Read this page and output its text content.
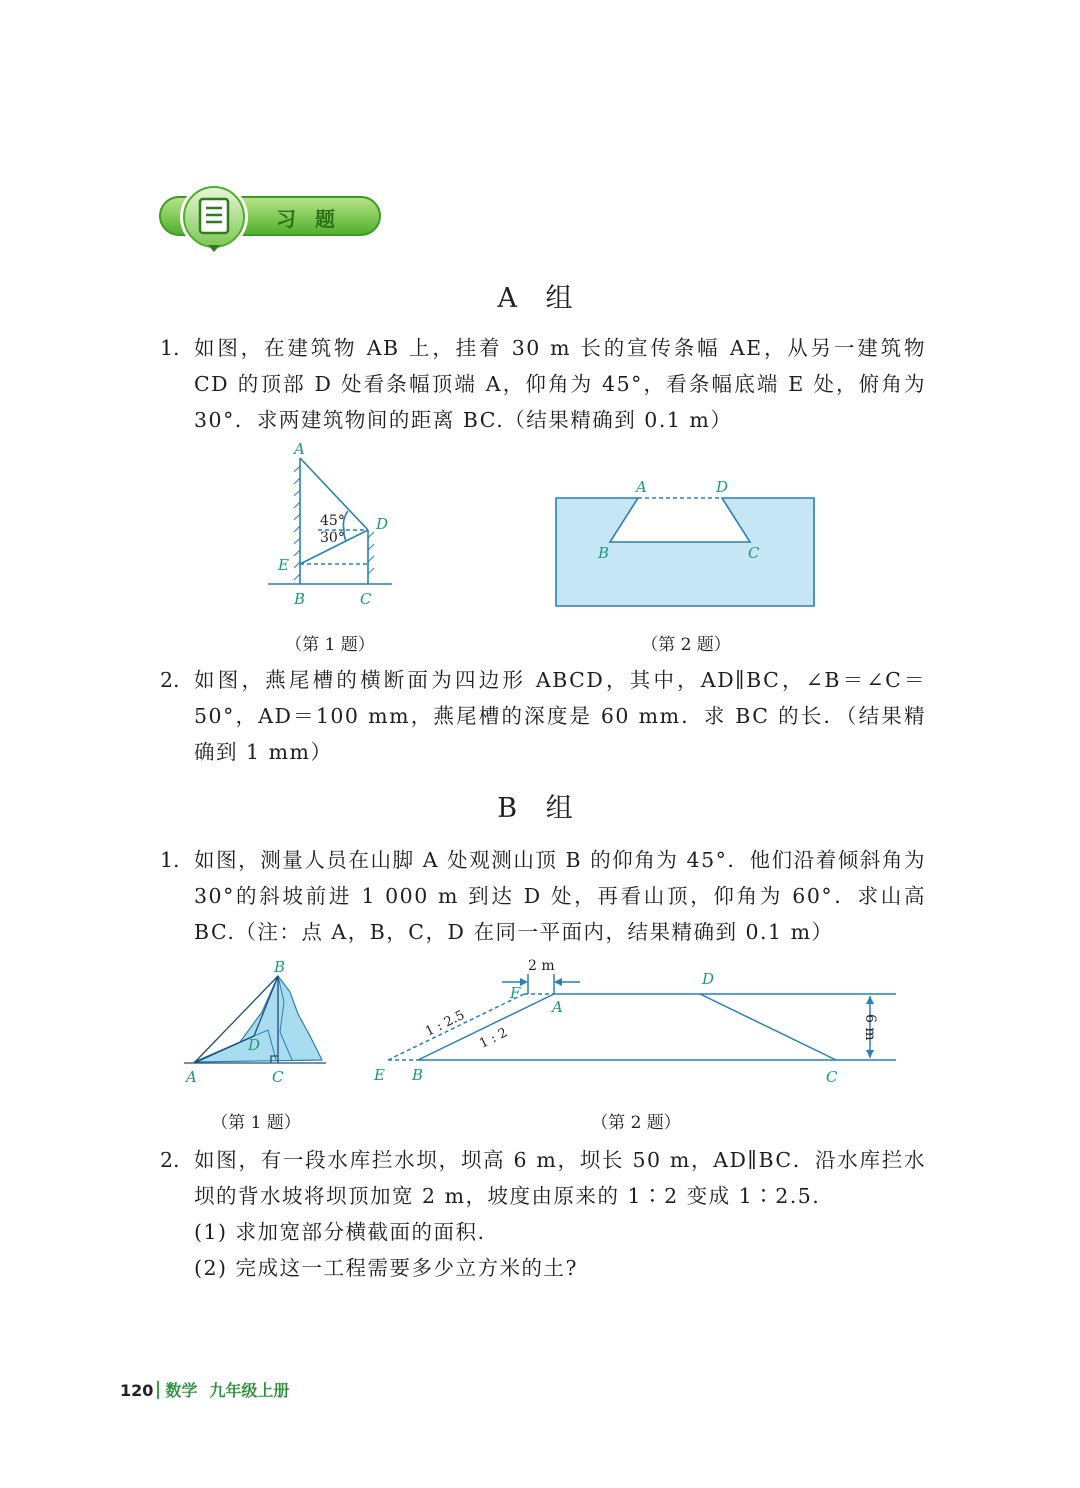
习 题
A 组
1. 如图，在建筑物 AB 上，挂着 30 m 长的宣传条幅 AE，从另一建筑物 CD 的顶部 D 处看条幅顶端 A，仰角为 45°，看条幅底端 E 处，俯角为 30°．求两建筑物间的距离 BC.（结果精确到 0.1 m）
A
B	C
D
E
45°
30°
（第 1 题）
A	D
B	C
（第 2 题）
2. 如图，燕尾槽的横断面为四边形 ABCD，其中，AD∥BC，∠B＝∠C＝50°，AD＝100 mm，燕尾槽的深度是 60 mm．求 BC 的长．（结果精确到 1 mm）
B 组
1. 如图，测量人员在山脚 A 处观测山顶 B 的仰角为 45°．他们沿着倾斜角为 30°的斜坡前进 1 000 m 到达 D 处，再看山顶，仰角为 60°．求山高 BC.（注：点 A，B，C，D 在同一平面内，结果精确到 0.1 m）
B
A	C
D
（第 1 题）
2 m
6 m
1 : 2.5 1 : 2
F
A
D
E B	C
（第 2 题）
2. 如图，有一段水库拦水坝，坝高 6 m，坝长 50 m，AD∥BC．沿水库拦水坝的背水坡将坝顶加宽 2 m，坡度由原来的 1∶2 变成 1∶2.5.
(1) 求加宽部分横截面的面积.
(2) 完成这一工程需要多少立方米的土?
120 数学 九年级上册
